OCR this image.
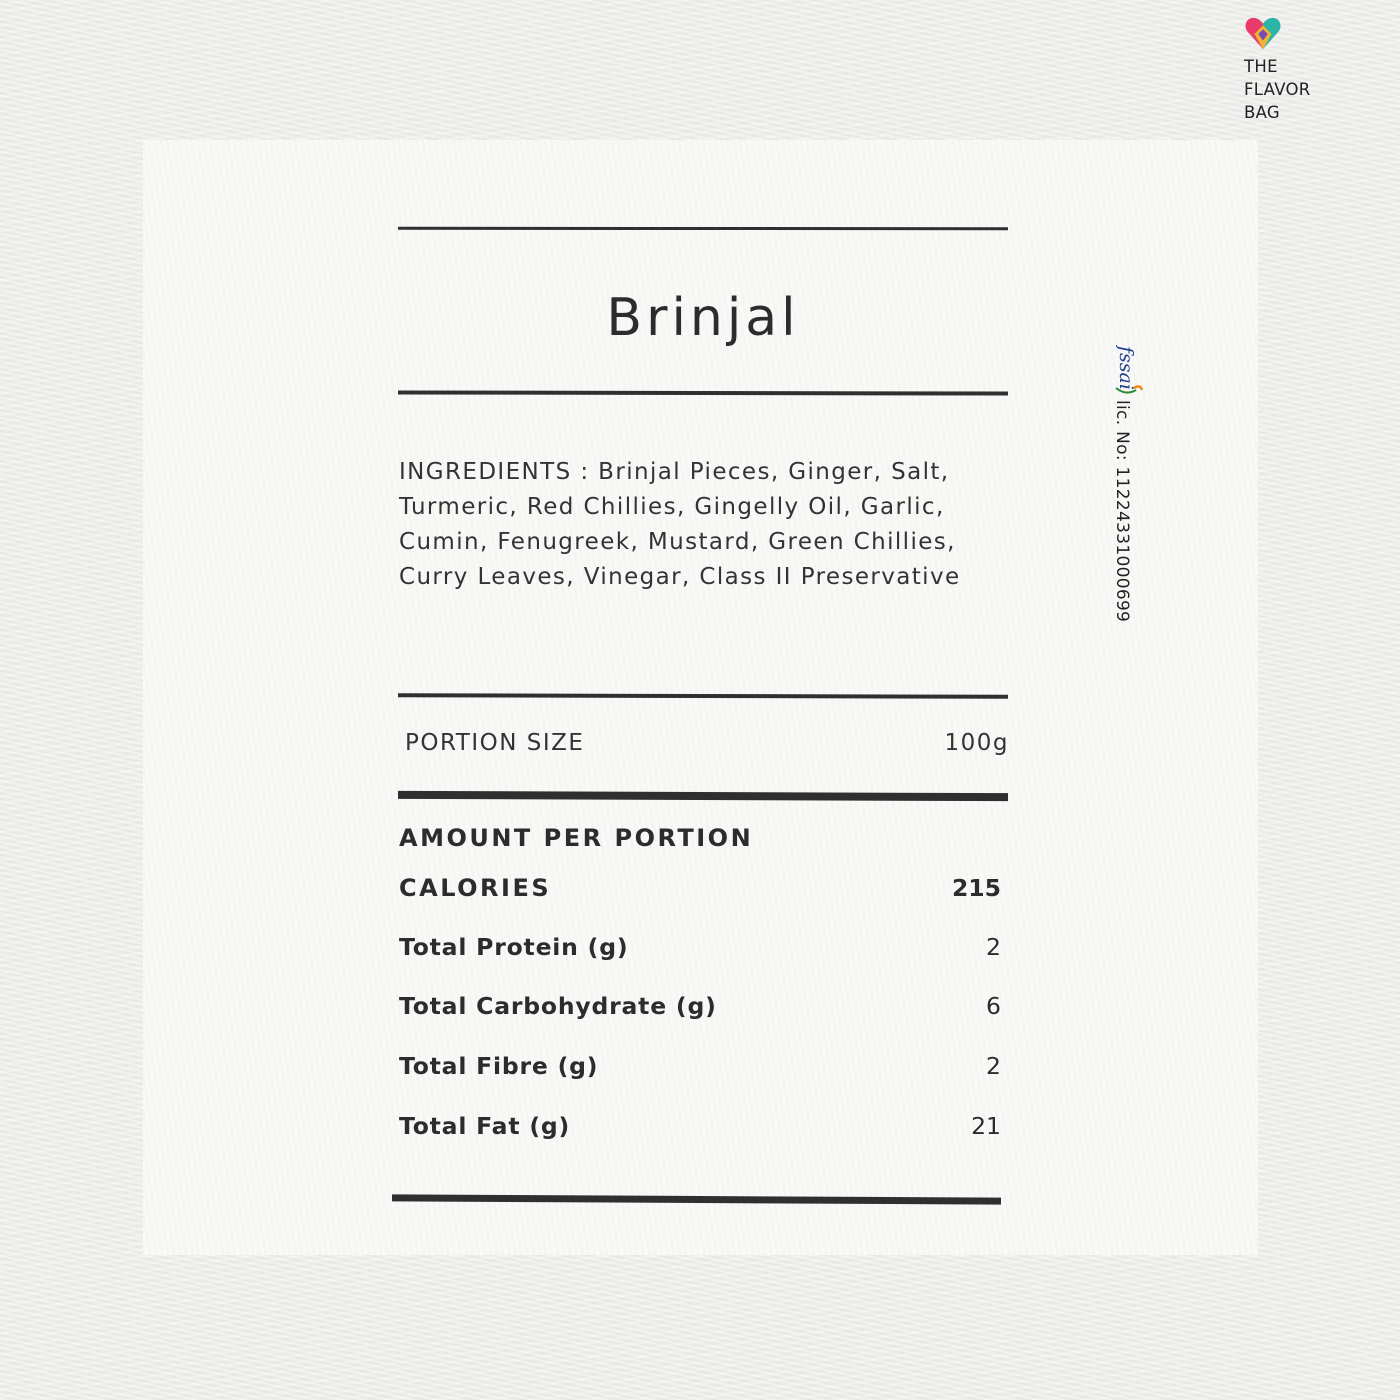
THE
FLAVOR
BAG

Brinjal

INGREDIENTS : Brinjal Pieces, Ginger, Salt, Turmeric, Red Chillies, Gingelly Oil, Garlic, Cumin, Fenugreek, Mustard, Green Chillies, Curry Leaves, Vinegar, Class II Preservative

PORTION SIZE	100g
AMOUNT PER PORTION
CALORIES	215
Total Protein (g)	2
Total Carbohydrate (g)	6
Total Fibre (g)	2
Total Fat (g)	21
fssai
lic. No: 11224331000699
